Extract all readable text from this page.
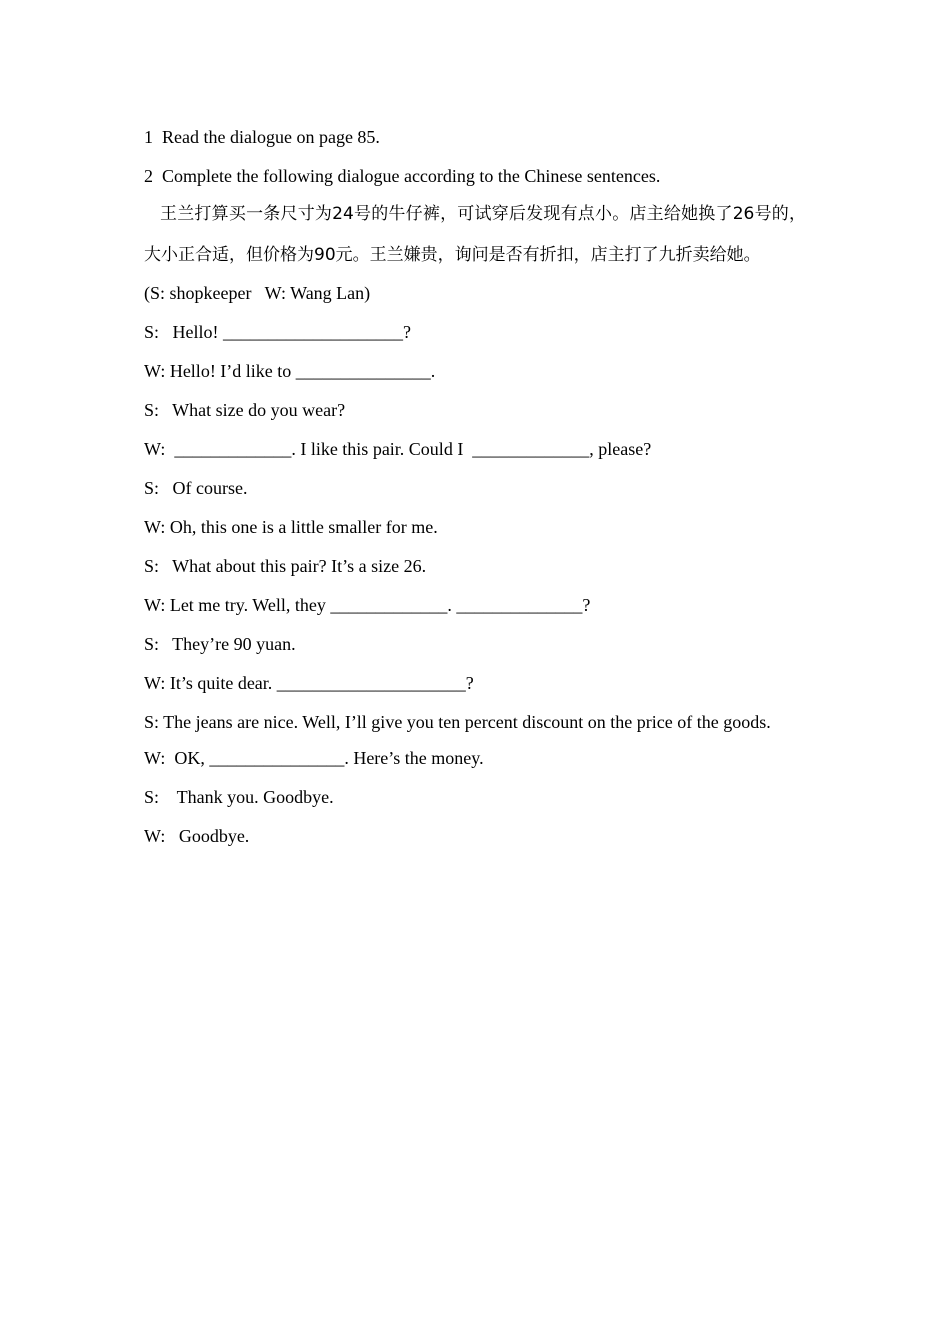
1  Read the dialogue on page 85.
2  Complete the following dialogue according to the Chinese sentences.
王兰打算买一条尺寸为24号的牛仔裤，可试穿后发现有点小。店主给她换了26号的，大小正合适，但价格为90元。王兰嫌贵，询问是否有折扣，店主打了九折卖给她。
(S: shopkeeper   W: Wang Lan)
S:   Hello! ____________________?
W: Hello! I’d like to _______________.
S:   What size do you wear?
W:  _____________. I like this pair. Could I  _____________, please?
S:   Of course.
W: Oh, this one is a little smaller for me.
S:   What about this pair? It’s a size 26.
W: Let me try. Well, they _____________. ______________?
S:   They’re 90 yuan.
W: It’s quite dear. _____________________?
S: The jeans are nice. Well, I’ll give you ten percent discount on the price of the goods.
W:  OK, _______________. Here’s the money.
S:    Thank you. Goodbye.
W:   Goodbye.
